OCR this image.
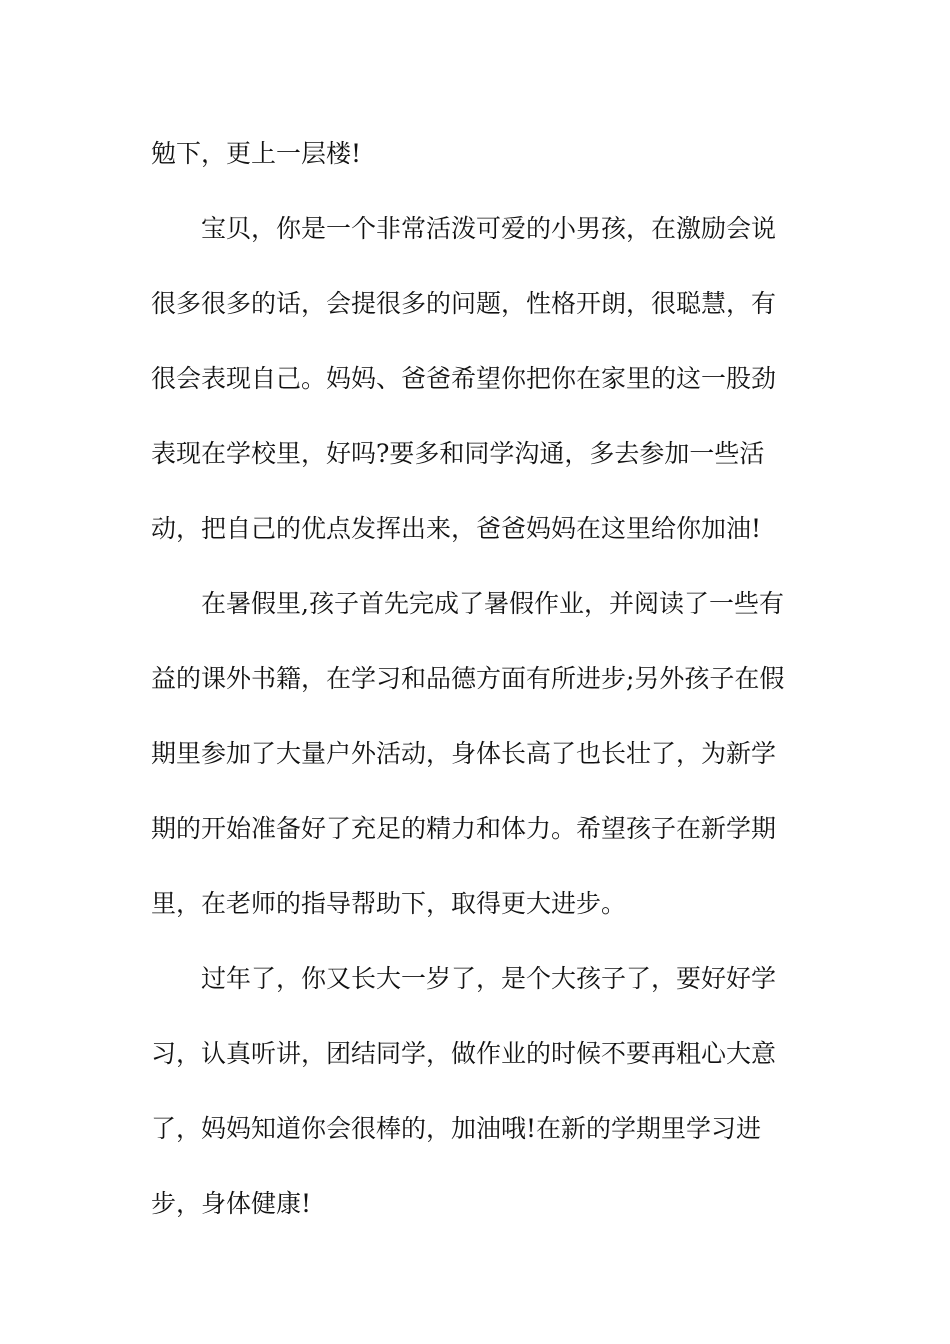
勉下，更上一层楼!
宝贝，你是一个非常活泼可爱的小男孩，在激励会说
很多很多的话，会提很多的问题，性格开朗，很聪慧，有
很会表现自己。妈妈、爸爸希望你把你在家里的这一股劲
表现在学校里，好吗?要多和同学沟通，多去参加一些活
动，把自己的优点发挥出来，爸爸妈妈在这里给你加油!
在暑假里,孩子首先完成了暑假作业，并阅读了一些有
益的课外书籍，在学习和品德方面有所进步;另外孩子在假
期里参加了大量户外活动，身体长高了也长壮了，为新学
期的开始准备好了充足的精力和体力。希望孩子在新学期
里，在老师的指导帮助下，取得更大进步。
过年了，你又长大一岁了，是个大孩子了，要好好学
习，认真听讲，团结同学，做作业的时候不要再粗心大意
了，妈妈知道你会很棒的，加油哦!在新的学期里学习进
步，身体健康!
